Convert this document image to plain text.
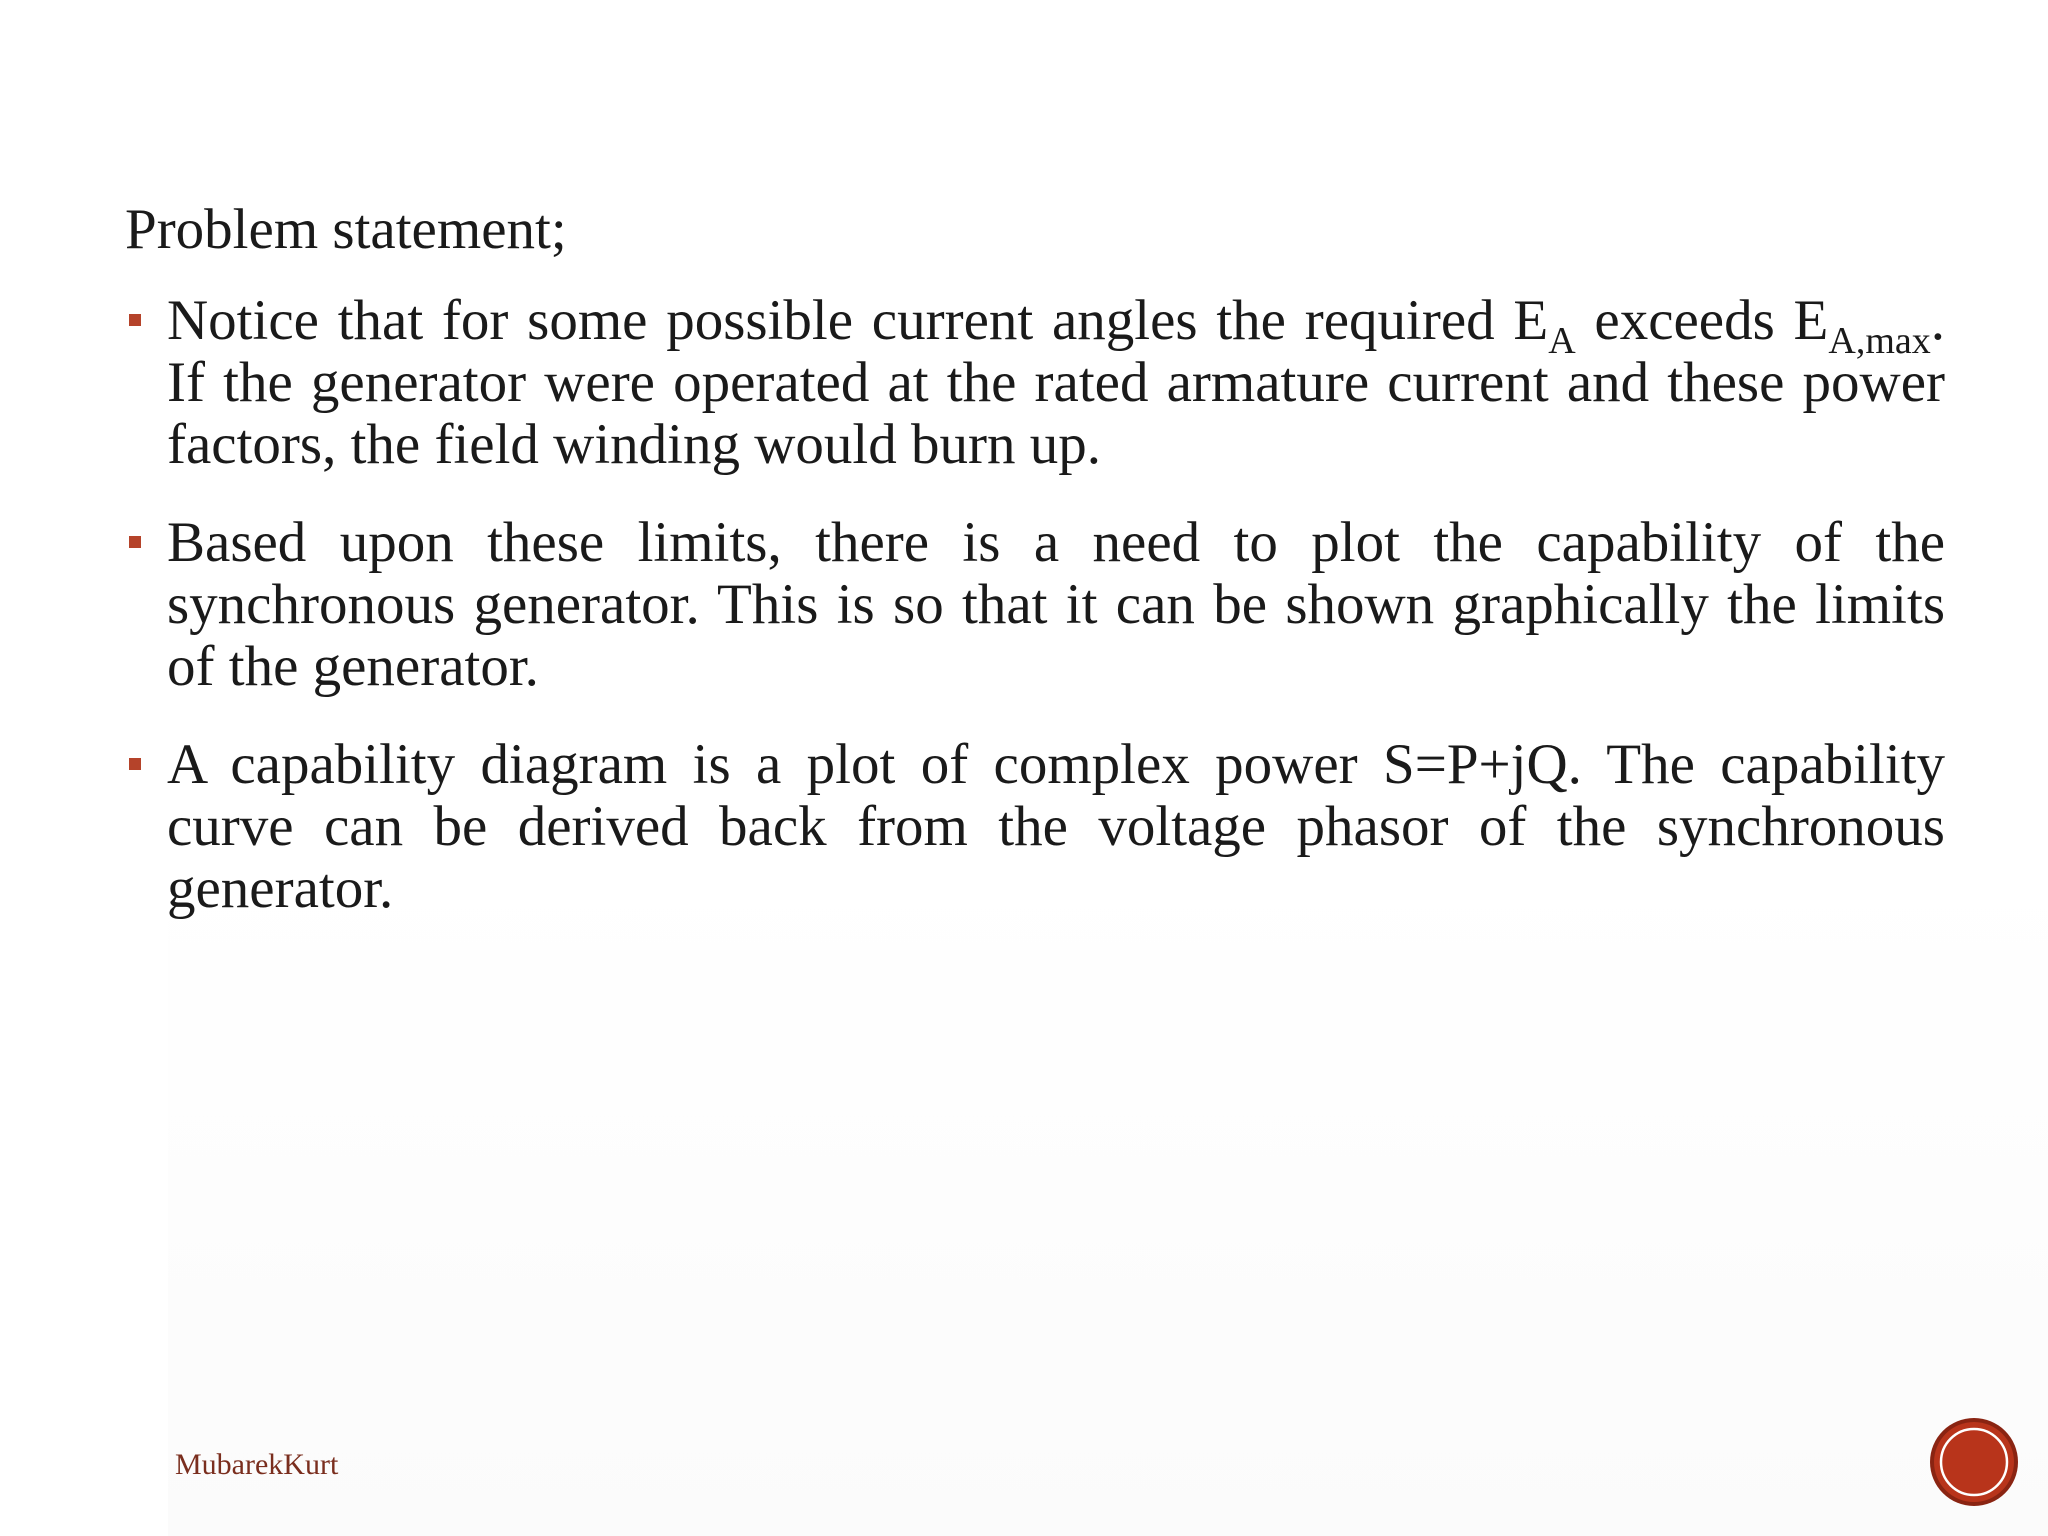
Problem statement;
Notice that for some possible current angles the required $E_A$ exceeds $E_{A,max}$. If the generator were operated at the rated armature current and these power factors, the field winding would burn up.
Based upon these limits, there is a need to plot the capability of the synchronous generator. This is so that it can be shown graphically the limits of the generator.
A capability diagram is a plot of complex power S=P+jQ. The capability curve can be derived back from the voltage phasor of the synchronous generator.
MubarekKurt
